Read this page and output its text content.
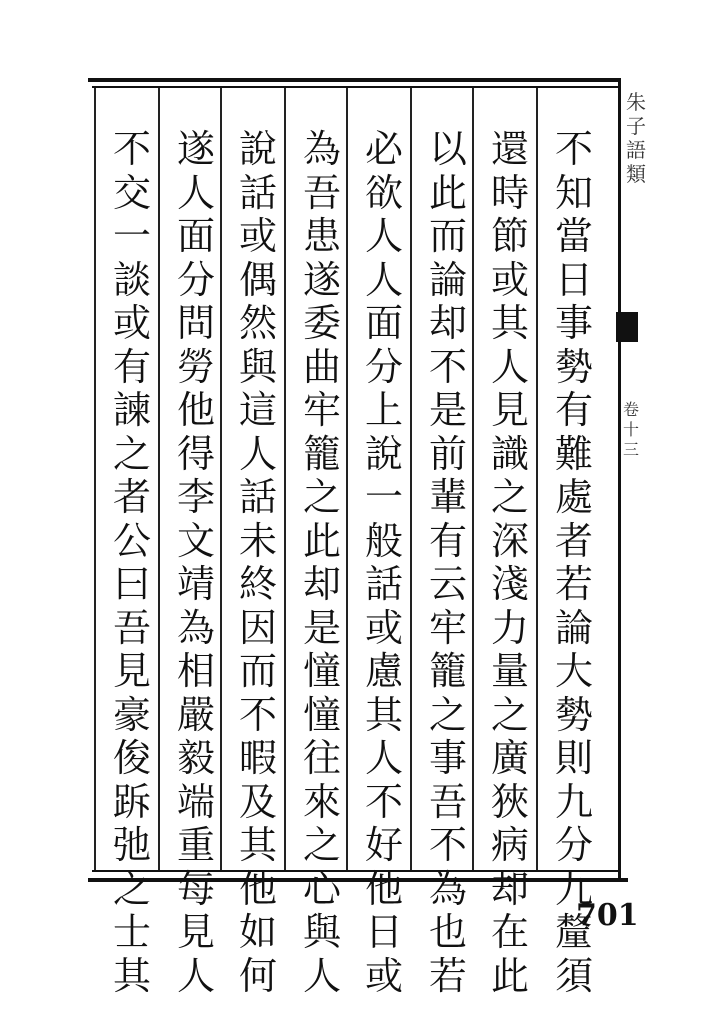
朱
子
語
類
卷
十
三
不
知
當
日
事
勢
有
難
處
者
若
論
大
勢
則
九
分
九
釐
須
還
時
節
或
其
人
見
識
之
深
淺
力
量
之
廣
狹
病
却
在
此
以
此
而
論
却
不
是
前
輩
有
云
牢
籠
之
事
吾
不
為
也
若
必
欲
人
人
面
分
上
說
一
般
話
或
慮
其
人
不
好
他
日
或
為
吾
患
遂
委
曲
牢
籠
之
此
却
是
憧
憧
往
來
之
心
與
人
說
話
或
偶
然
與
這
人
話
未
終
因
而
不
暇
及
其
他
如
何
遂
人
面
分
問
勞
他
得
李
文
靖
為
相
嚴
毅
端
重
每
見
人
不
交
一
談
或
有
諫
之
者
公
曰
吾
見
豪
俊
跅
弛
之
士
其
701
